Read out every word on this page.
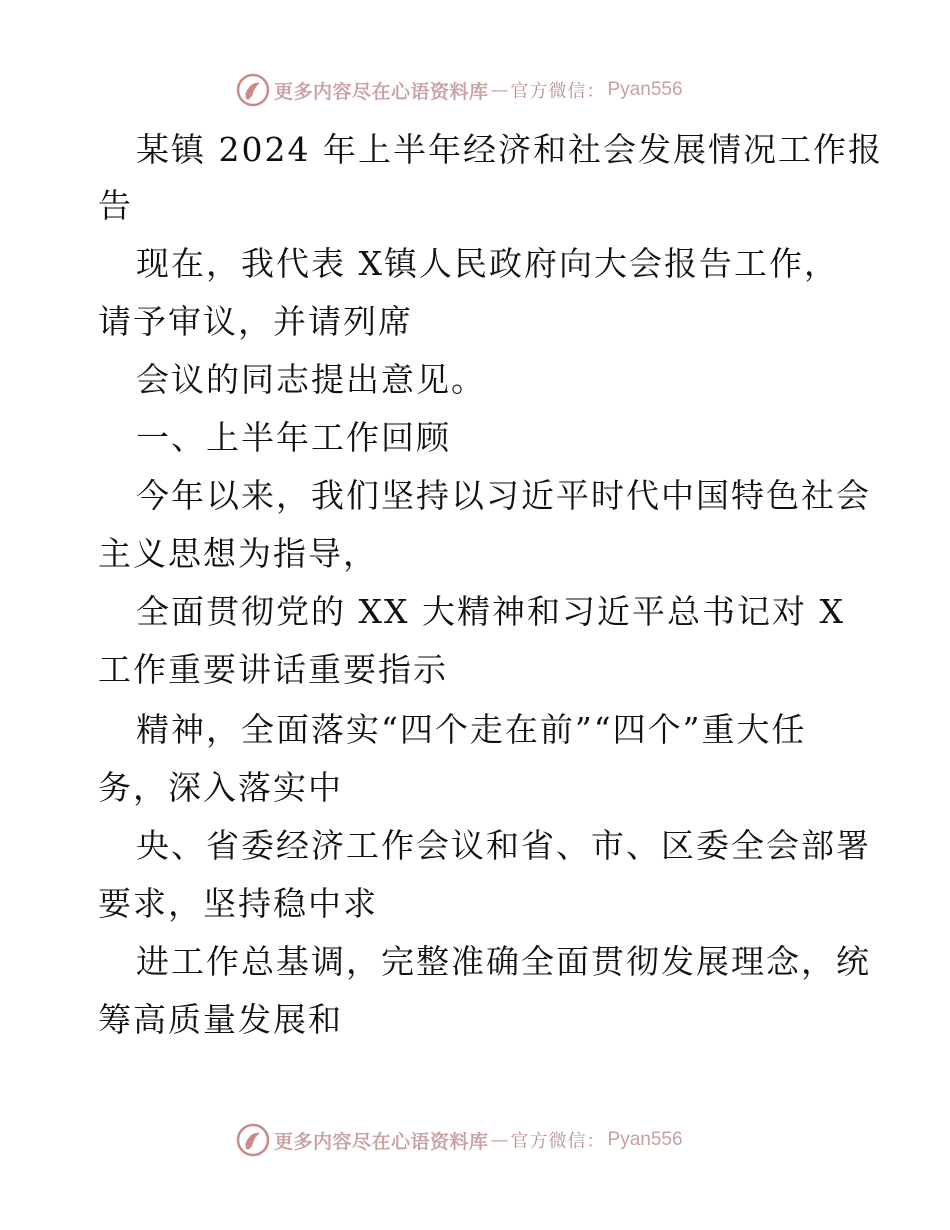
更多内容尽在心语资料库 — 官方微信： Pyan556
某镇 2024 年上半年经济和社会发展情况工作报
告
现在，我代表 X镇人民政府向大会报告工作，
请予审议，并请列席
会议的同志提出意见。
一、上半年工作回顾
今年以来，我们坚持以习近平时代中国特色社会
主义思想为指导，
全面贯彻党的 XX 大精神和习近平总书记对 X
工作重要讲话重要指示
精神，全面落实“四个走在前”“四个”重大任
务，深入落实中
央、省委经济工作会议和省、市、区委全会部署
要求，坚持稳中求
进工作总基调，完整准确全面贯彻发展理念，统
筹高质量发展和
更多内容尽在心语资料库 — 官方微信： Pyan556
